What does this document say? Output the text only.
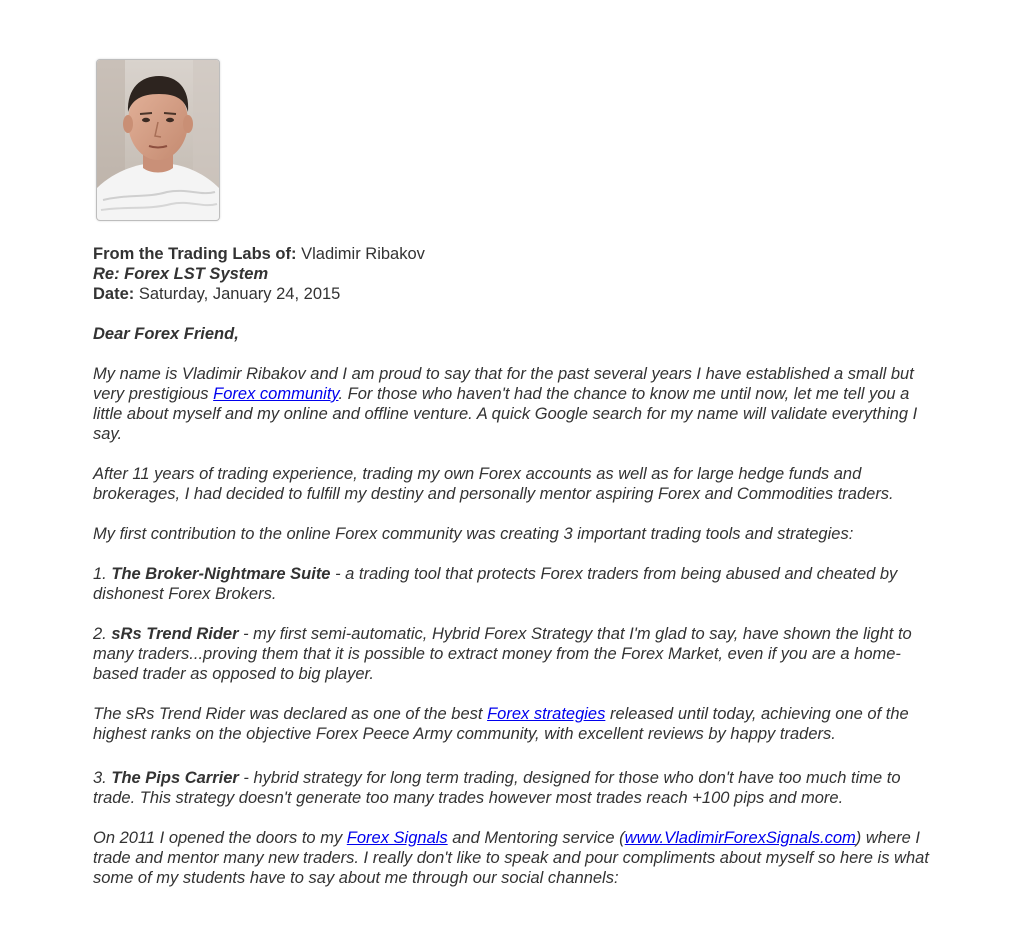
From the Trading Labs of: Vladimir Ribakov
Re: Forex LST System
Date: Saturday, January 24, 2015
Dear Forex Friend,
My name is Vladimir Ribakov and I am proud to say that for the past several years I have established a small but very prestigious Forex community. For those who haven't had the chance to know me until now, let me tell you a little about myself and my online and offline venture. A quick Google search for my name will validate everything I say.
After 11 years of trading experience, trading my own Forex accounts as well as for large hedge funds and brokerages, I had decided to fulfill my destiny and personally mentor aspiring Forex and Commodities traders.
My first contribution to the online Forex community was creating 3 important trading tools and strategies:
1. The Broker-Nightmare Suite - a trading tool that protects Forex traders from being abused and cheated by dishonest Forex Brokers.
2. sRs Trend Rider - my first semi-automatic, Hybrid Forex Strategy that I'm glad to say, have shown the light to many traders...proving them that it is possible to extract money from the Forex Market, even if you are a home-based trader as opposed to big player.
The sRs Trend Rider was declared as one of the best Forex strategies released until today, achieving one of the highest ranks on the objective Forex Peece Army community, with excellent reviews by happy traders.
3. The Pips Carrier - hybrid strategy for long term trading, designed for those who don't have too much time to trade. This strategy doesn't generate too many trades however most trades reach +100 pips and more.
On 2011 I opened the doors to my Forex Signals and Mentoring service (www.VladimirForexSignals.com) where I trade and mentor many new traders. I really don't like to speak and pour compliments about myself so here is what some of my students have to say about me through our social channels:
